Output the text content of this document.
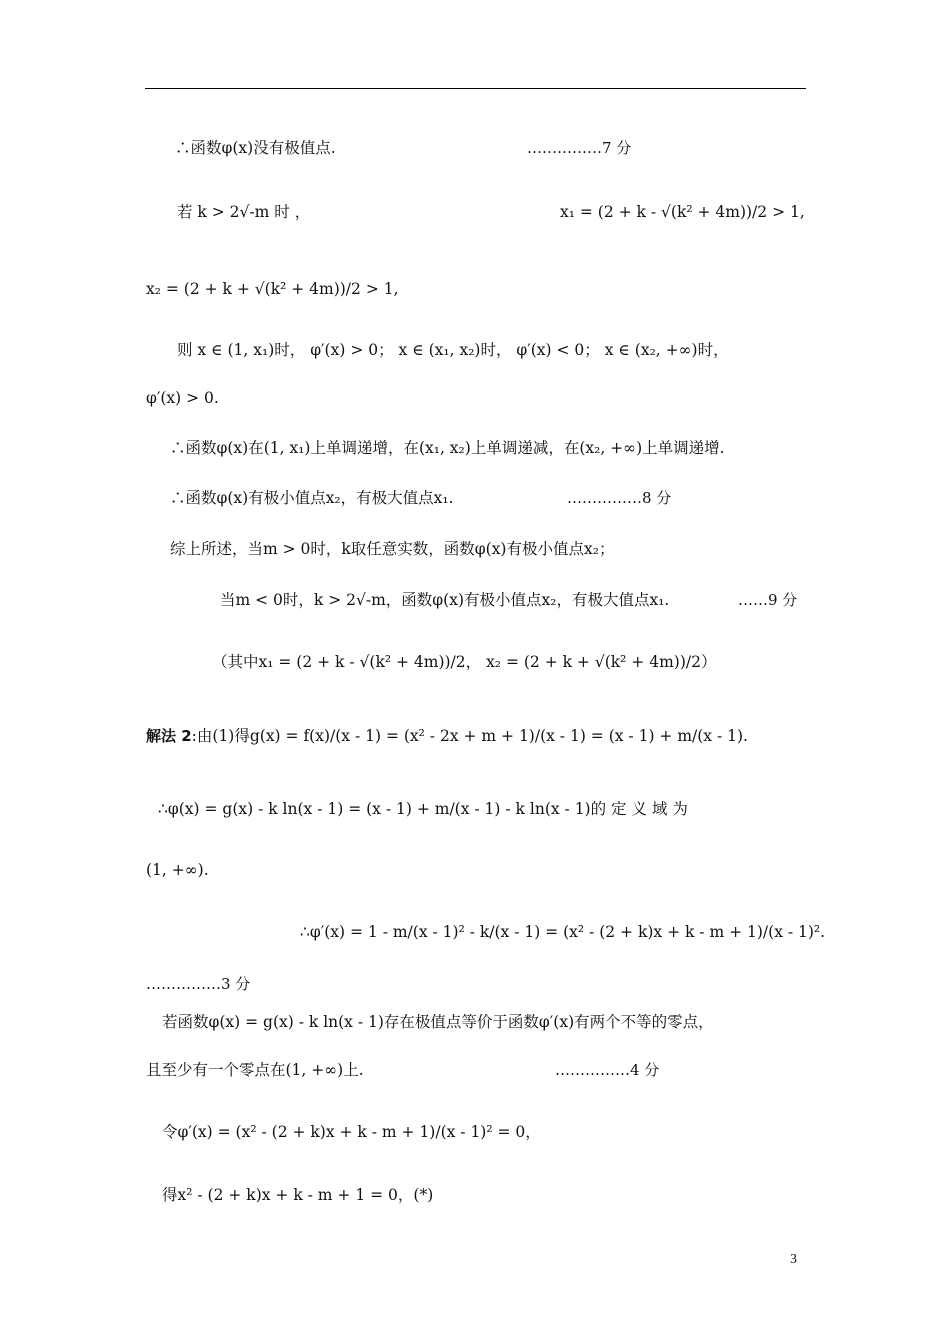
∴函数φ(x)没有极值点.	……………7 分
若 k > 2√-m 时 ，	x₁ = (2 + k - √(k² + 4m))/2 > 1,
x₂ = (2 + k + √(k² + 4m))/2 > 1,
则 x ∈ (1, x₁)时， φ′(x) > 0； x ∈ (x₁, x₂)时， φ′(x) < 0； x ∈ (x₂, +∞)时，
φ′(x) > 0.
∴函数φ(x)在(1, x₁)上单调递增，在(x₁, x₂)上单调递减，在(x₂, +∞)上单调递增.
∴函数φ(x)有极小值点x₂，有极大值点x₁.	……………8 分
综上所述，当m > 0时，k取任意实数，函数φ(x)有极小值点x₂；
当m < 0时，k > 2√-m，函数φ(x)有极小值点x₂，有极大值点x₁.	……9 分
（其中x₁ = (2 + k - √(k² + 4m))/2， x₂ = (2 + k + √(k² + 4m))/2）
解法 2:由(1)得g(x) = f(x)/(x - 1) = (x² - 2x + m + 1)/(x - 1) = (x - 1) + m/(x - 1).
∴φ(x) = g(x) - k ln(x - 1) = (x - 1) + m/(x - 1) - k ln(x - 1)的 定 义 域 为
(1, +∞).
∴φ′(x) = 1 - m/(x - 1)² - k/(x - 1) = (x² - (2 + k)x + k - m + 1)/(x - 1)².
……………3 分
若函数φ(x) = g(x) - k ln(x - 1)存在极值点等价于函数φ′(x)有两个不等的零点，
且至少有一个零点在(1, +∞)上.	……………4 分
令φ′(x) = (x² - (2 + k)x + k - m + 1)/(x - 1)² = 0，
得x² - (2 + k)x + k - m + 1 = 0，(*)
3
